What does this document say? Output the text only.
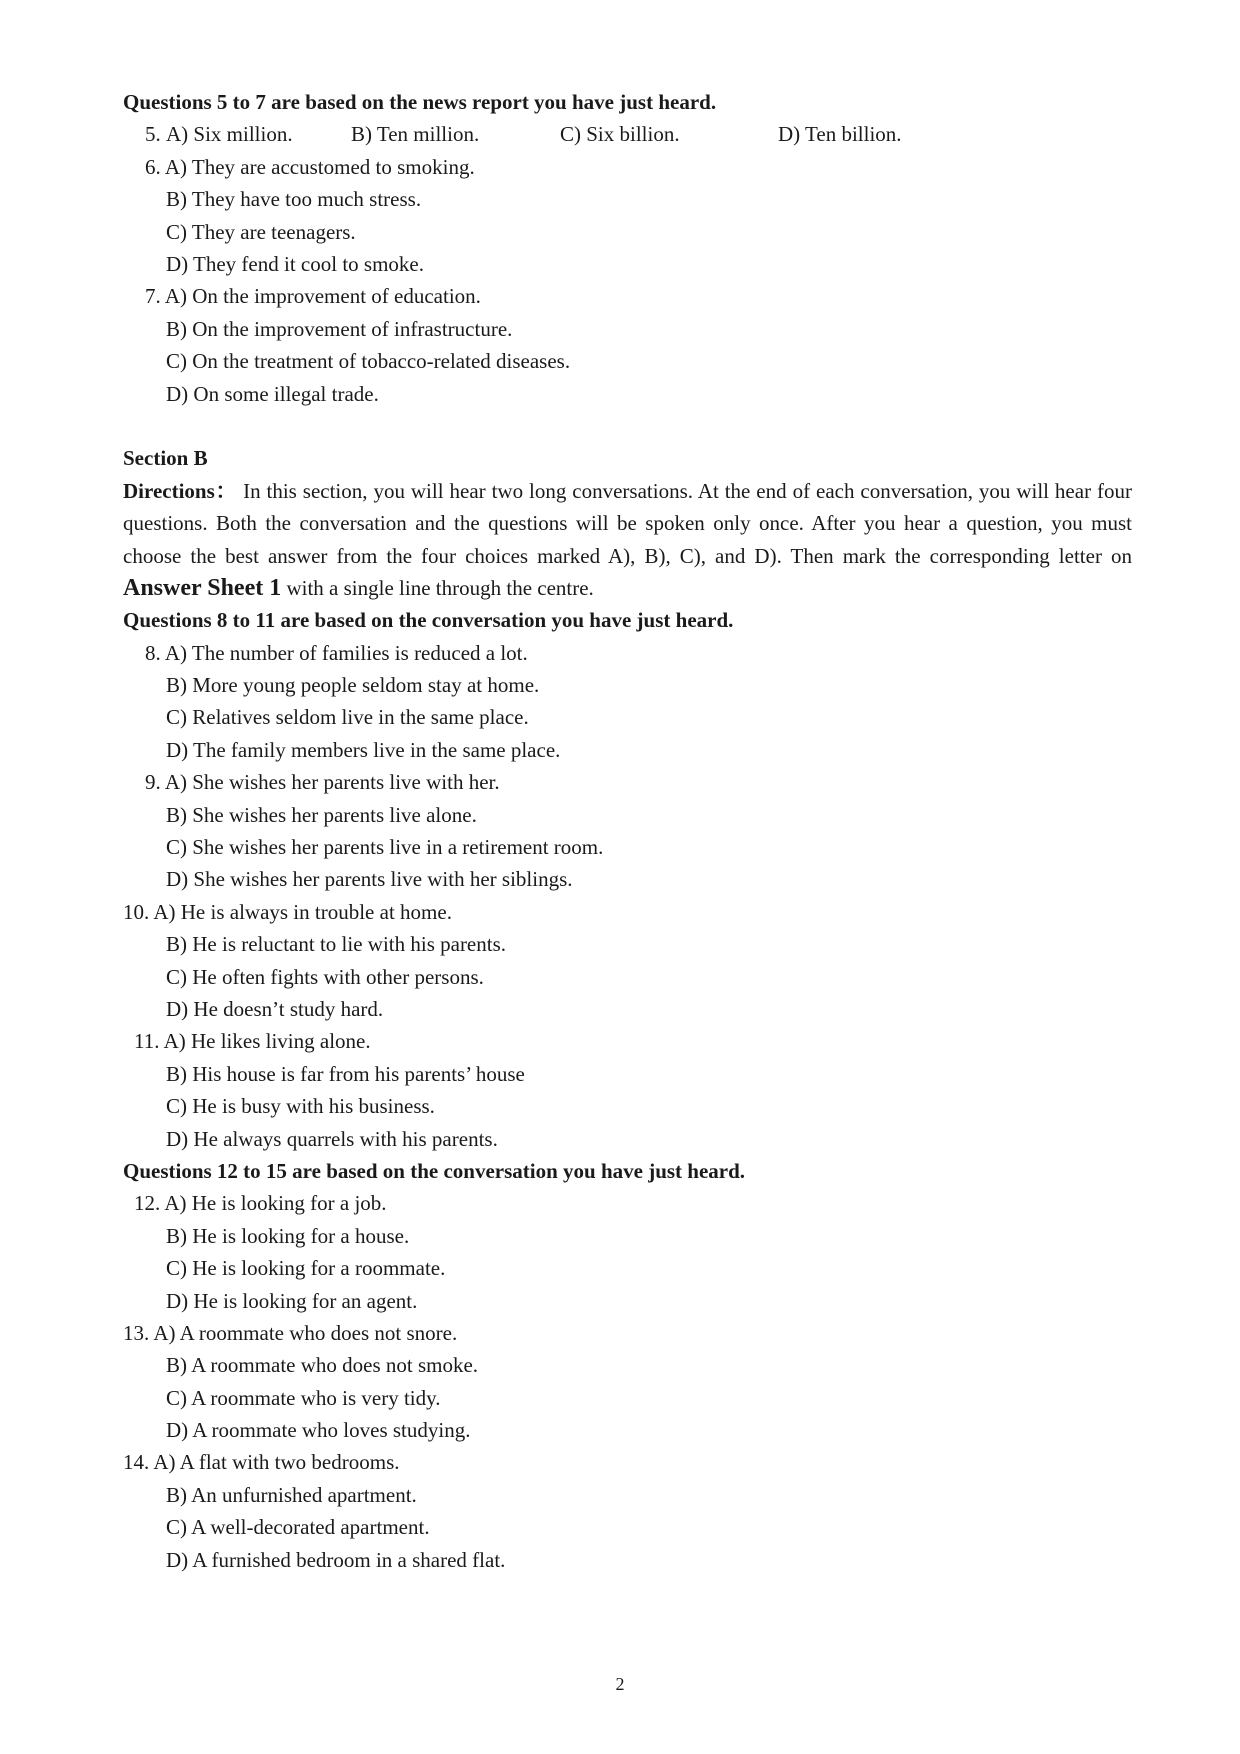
Questions 5 to 7 are based on the news report you have just heard.
5. A) Six million.	B) Ten million.	C) Six billion.	D) Ten billion.
6. A) They are accustomed to smoking.
B) They have too much stress.
C) They are teenagers.
D) They fend it cool to smoke.
7. A) On the improvement of education.
B) On the improvement of infrastructure.
C) On the treatment of tobacco-related diseases.
D) On some illegal trade.
Section B
Directions： In this section, you will hear two long conversations. At the end of each conversation, you will hear four questions. Both the conversation and the questions will be spoken only once. After you hear a question, you must choose the best answer from the four choices marked A), B), C), and D). Then mark the corresponding letter on Answer Sheet 1 with a single line through the centre.
Questions 8 to 11 are based on the conversation you have just heard.
8. A) The number of families is reduced a lot.
B) More young people seldom stay at home.
C) Relatives seldom live in the same place.
D) The family members live in the same place.
9. A) She wishes her parents live with her.
B) She wishes her parents live alone.
C) She wishes her parents live in a retirement room.
D) She wishes her parents live with her siblings.
10. A) He is always in trouble at home.
B) He is reluctant to lie with his parents.
C) He often fights with other persons.
D) He doesn’t study hard.
11. A) He likes living alone.
B) His house is far from his parents’ house
C) He is busy with his business.
D) He always quarrels with his parents.
Questions 12 to 15 are based on the conversation you have just heard.
12. A) He is looking for a job.
B) He is looking for a house.
C) He is looking for a roommate.
D) He is looking for an agent.
13. A) A roommate who does not snore.
B) A roommate who does not smoke.
C) A roommate who is very tidy.
D) A roommate who loves studying.
14. A) A flat with two bedrooms.
B) An unfurnished apartment.
C) A well-decorated apartment.
D) A furnished bedroom in a shared flat.
2
